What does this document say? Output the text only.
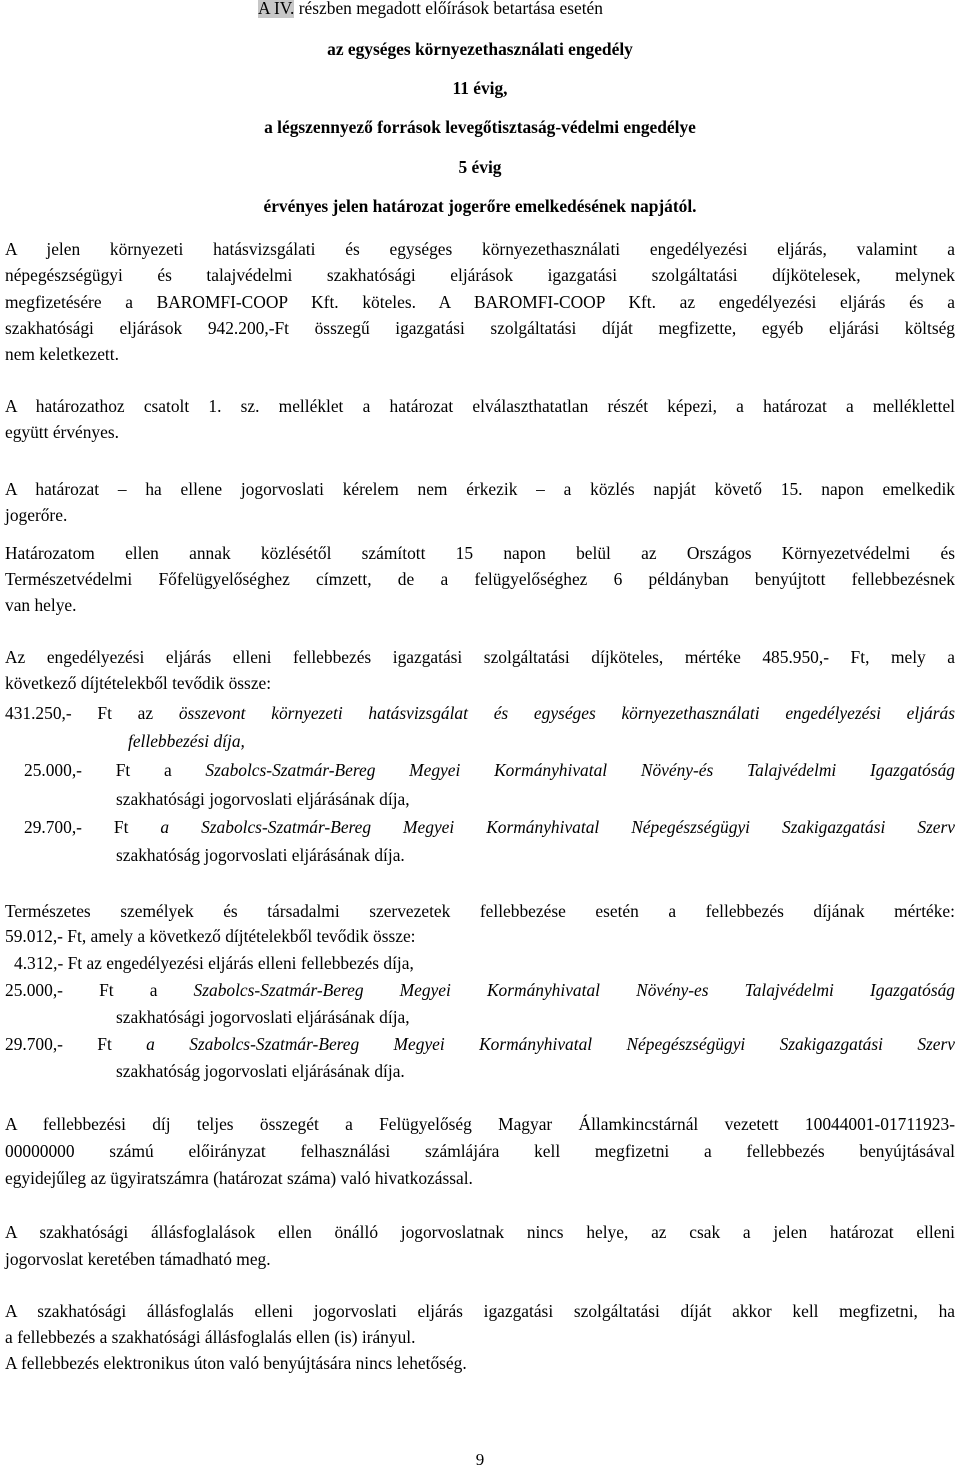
A IV. részben megadott előírások betartása esetén
az egységes környezethasználati engedély
11 évig,
a légszennyező források levegőtisztaság-védelmi engedélye
5 évig
érvényes jelen határozat jogerőre emelkedésének napjától.
A jelen környezeti hatásvizsgálati és egységes környezethasználati engedélyezési eljárás, valamint a
népegészségügyi és talajvédelmi szakhatósági eljárások igazgatási szolgáltatási díjkötelesek, melynek
megfizetésére a BAROMFI-COOP Kft. köteles. A BAROMFI-COOP Kft. az engedélyezési eljárás és a
szakhatósági eljárások 942.200,-Ft összegű igazgatási szolgáltatási díját megfizette, egyéb eljárási költség
nem keletkezett.
A határozathoz csatolt 1. sz. melléklet a határozat elválaszthatatlan részét képezi, a határozat a melléklettel
együtt érvényes.
A határozat – ha ellene jogorvoslati kérelem nem érkezik – a közlés napját követő 15. napon emelkedik
jogerőre.
Határozatom ellen annak közlésétől számított 15 napon belül az Országos Környezetvédelmi és
Természetvédelmi Főfelügyelőséghez címzett, de a felügyelőséghez 6 példányban benyújtott fellebbezésnek
van helye.
Az engedélyezési eljárás elleni fellebbezés igazgatási szolgáltatási díjköteles, mértéke 485.950,- Ft, mely a
következő díjtételekből tevődik össze:
431.250,- Ft az összevont környezeti hatásvizsgálat és egységes környezethasználati engedélyezési eljárás
fellebbezési díja,
25.000,- Ft a Szabolcs-Szatmár-Bereg Megyei Kormányhivatal Növény-és Talajvédelmi Igazgatóság
szakhatósági jogorvoslati eljárásának díja,
29.700,- Ft a Szabolcs-Szatmár-Bereg Megyei Kormányhivatal Népegészségügyi Szakigazgatási Szerv
szakhatóság jogorvoslati eljárásának díja.
Természetes személyek és társadalmi szervezetek fellebbezése esetén a fellebbezés díjának mértéke:
59.012,- Ft, amely a következő díjtételekből tevődik össze:
4.312,- Ft az engedélyezési eljárás elleni fellebbezés díja,
25.000,- Ft a Szabolcs-Szatmár-Bereg Megyei Kormányhivatal Növény-es Talajvédelmi Igazgatóság
szakhatósági jogorvoslati eljárásának díja,
29.700,- Ft a Szabolcs-Szatmár-Bereg Megyei Kormányhivatal Népegészségügyi Szakigazgatási Szerv
szakhatóság jogorvoslati eljárásának díja.
A fellebbezési díj teljes összegét a Felügyelőség Magyar Államkincstárnál vezetett 10044001-01711923-
00000000 számú előirányzat felhasználási számlájára kell megfizetni a fellebbezés benyújtásával
egyidejűleg az ügyiratszámra (határozat száma) való hivatkozással.
A szakhatósági állásfoglalások ellen önálló jogorvoslatnak nincs helye, az csak a jelen határozat elleni
jogorvoslat keretében támadható meg.
A szakhatósági állásfoglalás elleni jogorvoslati eljárás igazgatási szolgáltatási díját akkor kell megfizetni, ha
a fellebbezés a szakhatósági állásfoglalás ellen (is) irányul.
A fellebbezés elektronikus úton való benyújtására nincs lehetőség.
9
